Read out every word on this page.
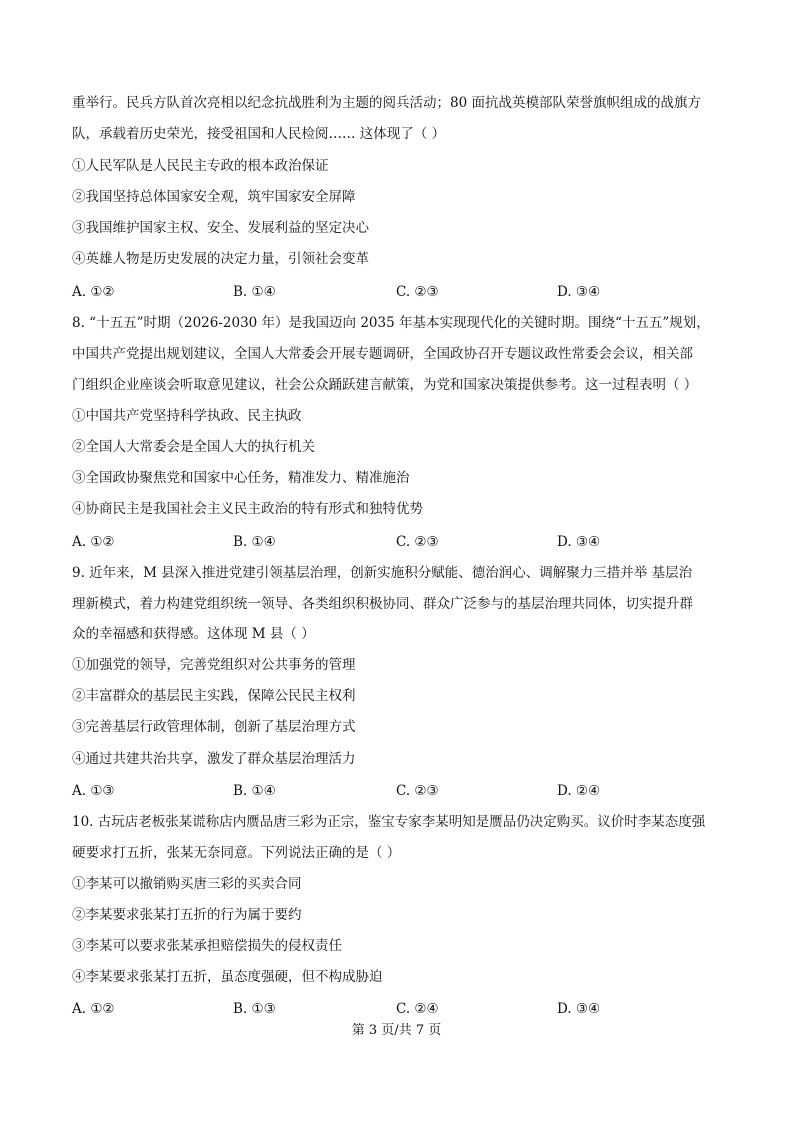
重举行。民兵方队首次亮相以纪念抗战胜利为主题的阅兵活动；80 面抗战英模部队荣誉旗帜组成的战旗方
队，承载着历史荣光，接受祖国和人民检阅…… 这体现了（ ）
①人民军队是人民民主专政的根本政治保证
②我国坚持总体国家安全观，筑牢国家安全屏障
③我国维护国家主权、安全、发展利益的坚定决心
④英雄人物是历史发展的决定力量，引领社会变革
A. ①②	B. ①④	C. ②③	D. ③④
8. “十五五”时期（2026-2030 年）是我国迈向 2035 年基本实现现代化的关键时期。围绕“十五五”规划，
中国共产党提出规划建议，全国人大常委会开展专题调研，全国政协召开专题议政性常委会会议，相关部
门组织企业座谈会听取意见建议，社会公众踊跃建言献策，为党和国家决策提供参考。这一过程表明（ ）
①中国共产党坚持科学执政、民主执政
②全国人大常委会是全国人大的执行机关
③全国政协聚焦党和国家中心任务，精准发力、精准施治
④协商民主是我国社会主义民主政治的特有形式和独特优势
A. ①②	B. ①④	C. ②③	D. ③④
9. 近年来，M 县深入推进党建引领基层治理，创新实施积分赋能、德治润心、调解聚力三措并举 基层治
理新模式，着力构建党组织统一领导、各类组织积极协同、群众广泛参与的基层治理共同体，切实提升群
众的幸福感和获得感。这体现 M 县（ ）
①加强党的领导，完善党组织对公共事务的管理
②丰富群众的基层民主实践，保障公民民主权利
③完善基层行政管理体制，创新了基层治理方式
④通过共建共治共享，激发了群众基层治理活力
A. ①③	B. ①④	C. ②③	D. ②④
10. 古玩店老板张某谎称店内赝品唐三彩为正宗，鉴宝专家李某明知是赝品仍决定购买。议价时李某态度强
硬要求打五折，张某无奈同意。下列说法正确的是（ ）
①李某可以撤销购买唐三彩的买卖合同
②李某要求张某打五折的行为属于要约
③李某可以要求张某承担赔偿损失的侵权责任
④李某要求张某打五折，虽态度强硬，但不构成胁迫
A. ①②	B. ①③	C. ②④	D. ③④
第 3 页/共 7 页
